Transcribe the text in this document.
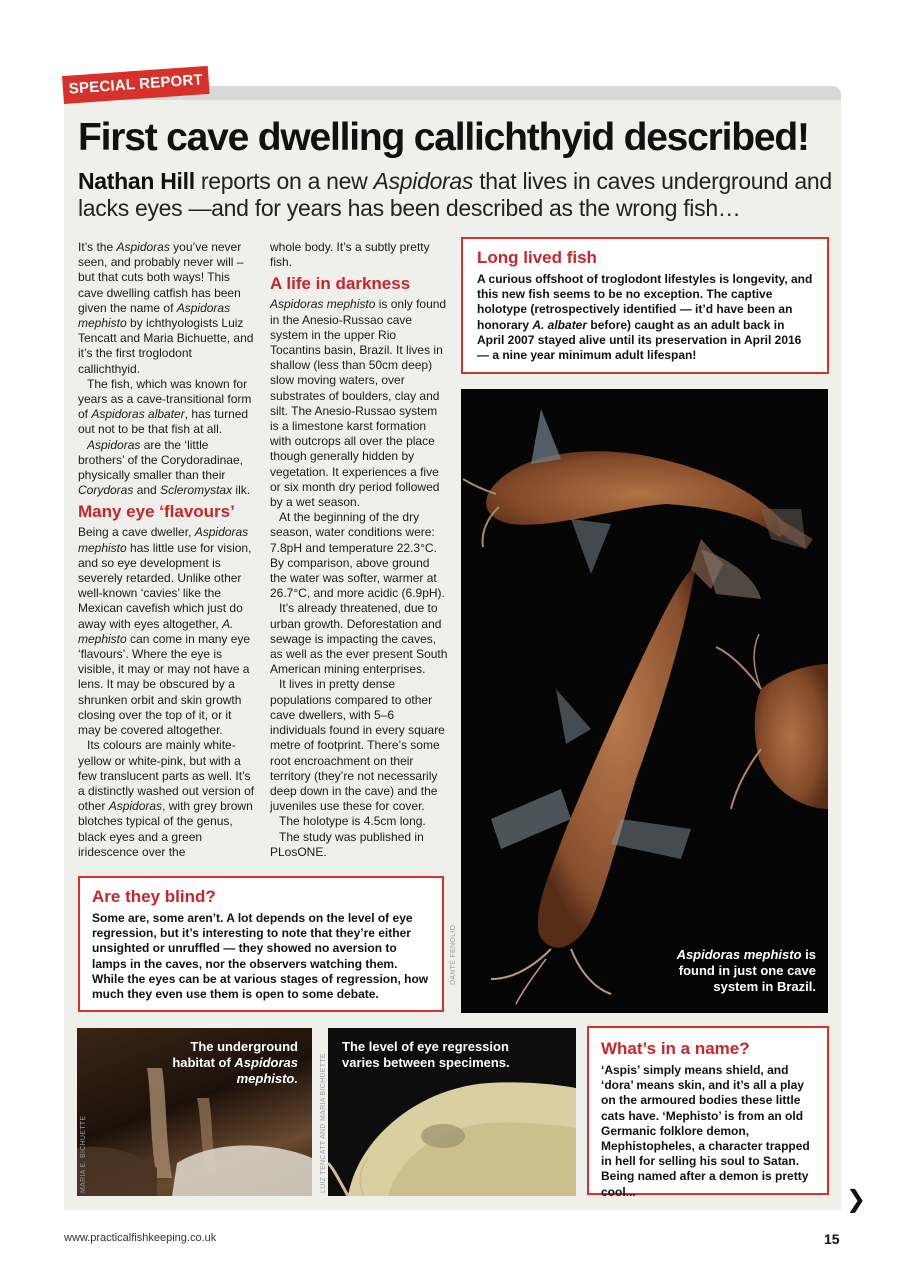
SPECIAL REPORT
First cave dwelling callichthyid described!
Nathan Hill reports on a new Aspidoras that lives in caves underground and lacks eyes —and for years has been described as the wrong fish…

It’s the Aspidoras you’ve never seen, and probably never will – but that cuts both ways! This cave dwelling catfish has been given the name of Aspidoras mephisto by ichthyologists Luiz Tencatt and Maria Bichuette, and it’s the first troglodont callichthyid.

The fish, which was known for years as a cave-transitional form of Aspidoras albater, has turned out not to be that fish at all.

Aspidoras are the ‘little brothers’ of the Corydoradinae, physically smaller than their Corydoras and Scleromystax ilk.

Many eye ‘flavours’

Being a cave dweller, Aspidoras mephisto has little use for vision, and so eye development is severely retarded. Unlike other well-known ‘cavies’ like the Mexican cavefish which just do away with eyes altogether, A. mephisto can come in many eye ‘flavours’. Where the eye is visible, it may or may not have a lens. It may be obscured by a shrunken orbit and skin growth closing over the top of it, or it may be covered altogether.

Its colours are mainly white-yellow or white-pink, but with a few translucent parts as well. It’s a distinctly washed out version of other Aspidoras, with grey brown blotches typical of the genus, black eyes and a green iridescence over the

whole body. It’s a subtly pretty fish.

A life in darkness

Aspidoras mephisto is only found in the Anesio-Russao cave system in the upper Rio Tocantins basin, Brazil. It lives in shallow (less than 50cm deep) slow moving waters, over substrates of boulders, clay and silt. The Anesio-Russao system is a limestone karst formation with outcrops all over the place though generally hidden by vegetation. It experiences a five or six month dry period followed by a wet season.

At the beginning of the dry season, water conditions were: 7.8pH and temperature 22.3°C. By comparison, above ground the water was softer, warmer at 26.7°C, and more acidic (6.9pH).

It’s already threatened, due to urban growth. Deforestation and sewage is impacting the caves, as well as the ever present South American mining enterprises.

It lives in pretty dense populations compared to other cave dwellers, with 5–6 individuals found in every square metre of footprint. There’s some root encroachment on their territory (they’re not necessarily deep down in the cave) and the juveniles use these for cover.

The holotype is 4.5cm long.

The study was published in PLosONE.

Long lived fish
A curious offshoot of troglodont lifestyles is longevity, and this new fish seems to be no exception. The captive holotype (retrospectively identified — it’d have been an honorary A. albater before) caught as an adult back in April 2007 stayed alive until its preservation in April 2016 — a nine year minimum adult lifespan!
Aspidoras mephisto is found in just one cave system in Brazil.
DANTÉ FENOLIO
Are they blind?
Some are, some aren’t. A lot depends on the level of eye regression, but it’s interesting to note that they’re either unsighted or unruffled — they showed no aversion to lamps in the caves, nor the observers watching them. While the eyes can be at various stages of regression, how much they even use them is open to some debate.
The underground habitat of Aspidoras mephisto.
MARIA E. BICHUETTE
The level of eye regression varies between specimens.
LUIZ TENCATT AND MARIA BICHUETTE
What’s in a name?
‘Aspis’ simply means shield, and ‘dora’ means skin, and it’s all a play on the armoured bodies these little cats have. ‘Mephisto’ is from an old Germanic folklore demon, Mephistopheles, a character trapped in hell for selling his soul to Satan. Being named after a demon is pretty cool...	❯
www.practicalfishkeeping.co.uk	15
